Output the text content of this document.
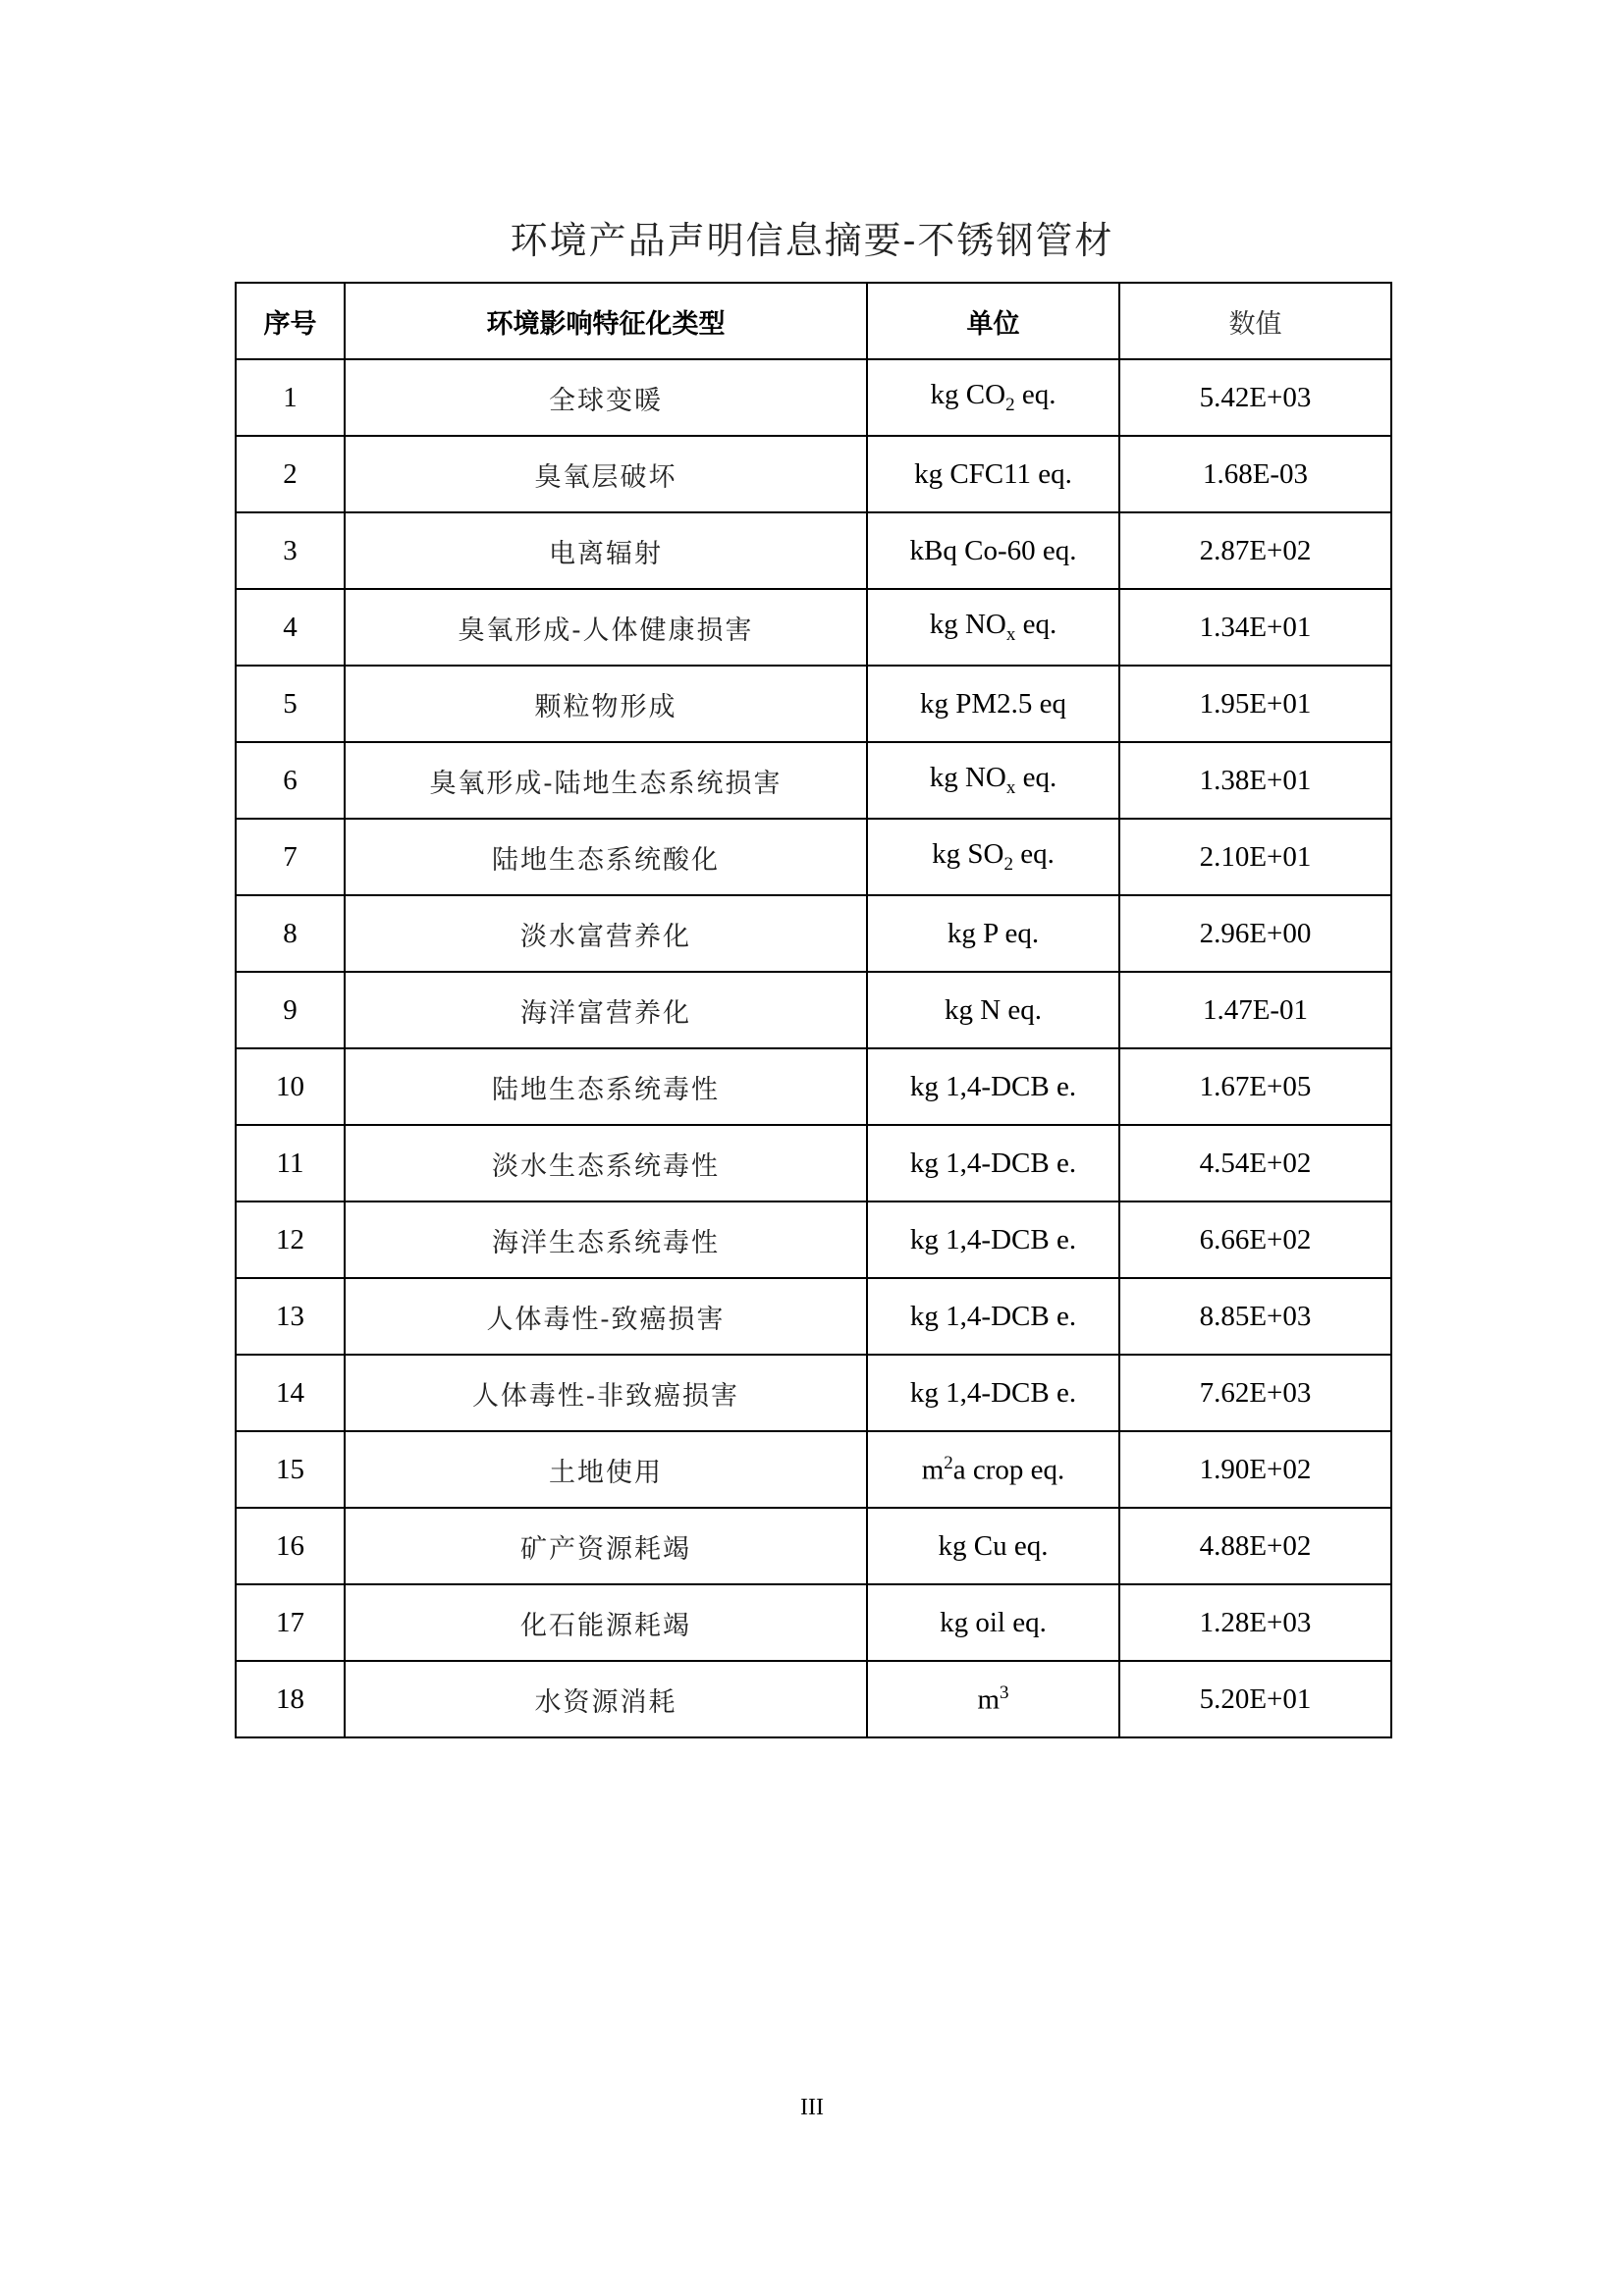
环境产品声明信息摘要-不锈钢管材
序号	环境影响特征化类型	单位	数值
1	全球变暖	kg $CO_2$ eq.	5.42E+03
2	臭氧层破坏	kg CFC11 eq.	1.68E-03
3	电离辐射	kBq Co-60 eq.	2.87E+02
4	臭氧形成-人体健康损害	kg $NO_x$ eq.	1.34E+01
5	颗粒物形成	kg PM2.5 eq	1.95E+01
6	臭氧形成-陆地生态系统损害	kg $NO_x$ eq.	1.38E+01
7	陆地生态系统酸化	kg $SO_2$ eq.	2.10E+01
8	淡水富营养化	kg P eq.	2.96E+00
9	海洋富营养化	kg N eq.	1.47E-01
10	陆地生态系统毒性	kg 1,4-DCB e.	1.67E+05
11	淡水生态系统毒性	kg 1,4-DCB e.	4.54E+02
12	海洋生态系统毒性	kg 1,4-DCB e.	6.66E+02
13	人体毒性-致癌损害	kg 1,4-DCB e.	8.85E+03
14	人体毒性-非致癌损害	kg 1,4-DCB e.	7.62E+03
15	土地使用	$m^2a$ crop eq.	1.90E+02
16	矿产资源耗竭	kg Cu eq.	4.88E+02
17	化石能源耗竭	kg oil eq.	1.28E+03
18	水资源消耗	$m^3$	5.20E+01
III
